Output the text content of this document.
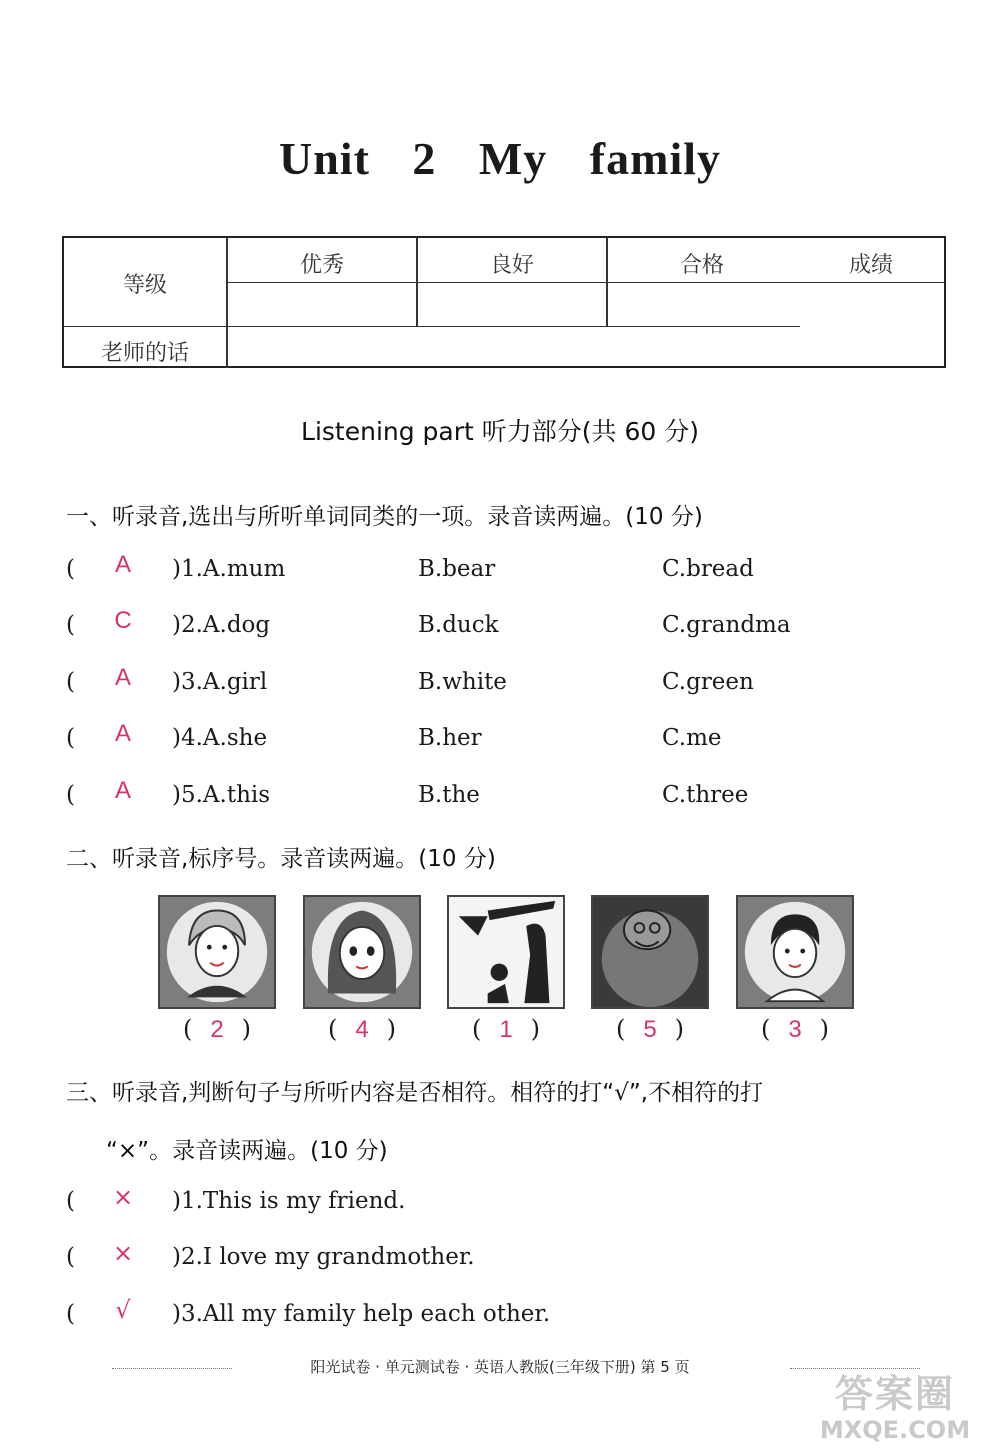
Unit 2 My family
等级
优秀	良好	合格	成绩
老师的话
Listening part 听力部分(共 60 分)
一、听录音,选出与所听单词同类的一项。录音读两遍。(10 分)
( A )1.A.mum	B.bear	C.bread
( C )2.A.dog	B.duck	C.grandma
( A )3.A.girl	B.white	C.green
( A )4.A.she	B.her	C.me
( A )5.A.this	B.the	C.three
二、听录音,标序号。录音读两遍。(10 分)
( 2 )	( 4 )	( 1 )	( 5 )	( 3 )
三、听录音,判断句子与所听内容是否相符。相符的打“√”,不相符的打
“×”。录音读两遍。(10 分)
( × )1.This is my friend.
( × )2.I love my grandmother.
( √ )3.All my family help each other.
阳光试卷 · 单元测试卷 · 英语人教版(三年级下册) 第 5 页
答案圈
MXQE.COM
